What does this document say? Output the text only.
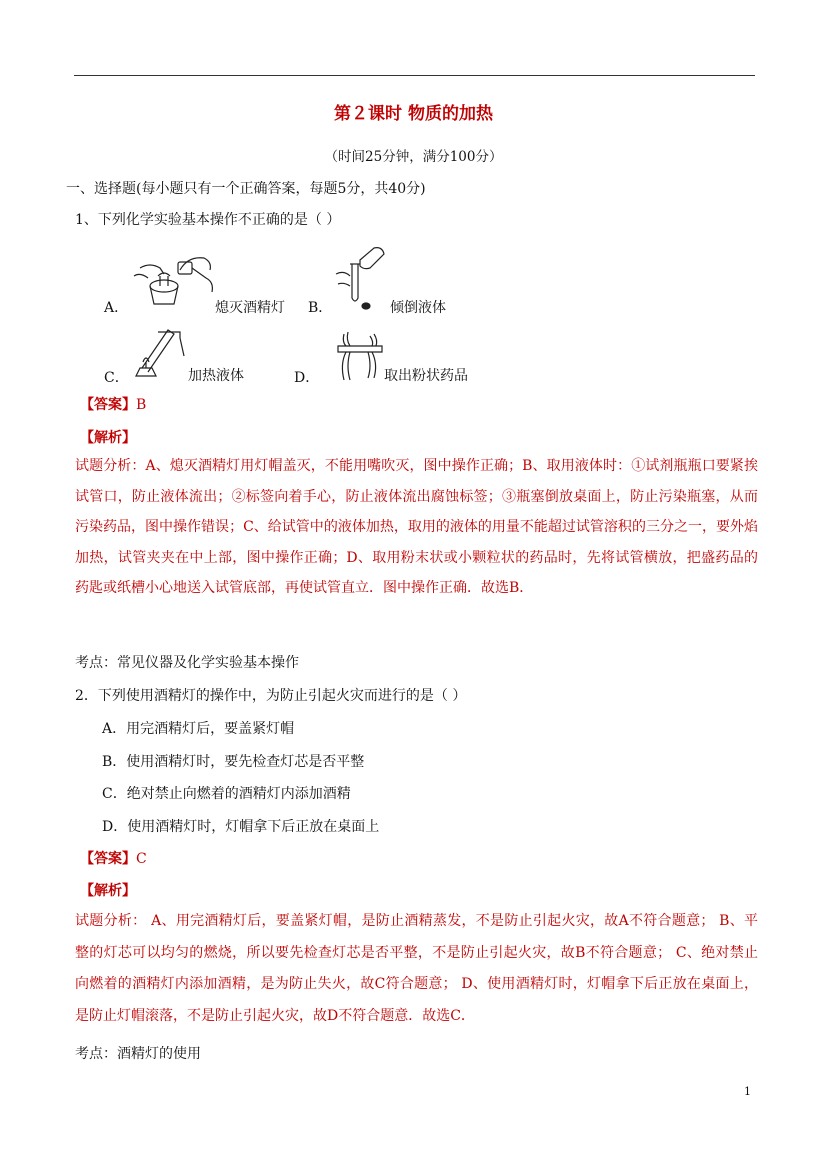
第２课时 物质的加热
（时间25分钟，满分100分）
一、选择题(每小题只有一个正确答案，每题5分，共40分)
1、下列化学实验基本操作不正确的是（ ）
A．	熄灭酒精灯 B．	倾倒液体
C．	加热液体	D．	取出粉状药品
【答案】B
【解析】
试题分析：A、熄灭酒精灯用灯帽盖灭，不能用嘴吹灭，图中操作正确；B、取用液体时：①试剂瓶瓶口要紧挨试管口，防止液体流出；②标签向着手心，防止液体流出腐蚀标签；③瓶塞倒放桌面上，防止污染瓶塞，从而污染药品，图中操作错误；C、给试管中的液体加热，取用的液体的用量不能超过试管溶积的三分之一，要外焰加热，试管夹夹在中上部，图中操作正确；D、取用粉末状或小颗粒状的药品时，先将试管横放，把盛药品的药匙或纸槽小心地送入试管底部，再使试管直立．图中操作正确．故选B．
考点：常见仪器及化学实验基本操作
2．下列使用酒精灯的操作中，为防止引起火灾而进行的是（ ）
A．用完酒精灯后，要盖紧灯帽
B．使用酒精灯时，要先检查灯芯是否平整
C．绝对禁止向燃着的酒精灯内添加酒精
D．使用酒精灯时，灯帽拿下后正放在桌面上
【答案】C
【解析】
试题分析： A、用完酒精灯后，要盖紧灯帽，是防止酒精蒸发，不是防止引起火灾，故A不符合题意； B、平整的灯芯可以均匀的燃烧，所以要先检查灯芯是否平整，不是防止引起火灾，故B不符合题意； C、绝对禁止向燃着的酒精灯内添加酒精，是为防止失火，故C符合题意； D、使用酒精灯时，灯帽拿下后正放在桌面上，是防止灯帽滚落，不是防止引起火灾，故D不符合题意．故选C．
考点：酒精灯的使用
1
